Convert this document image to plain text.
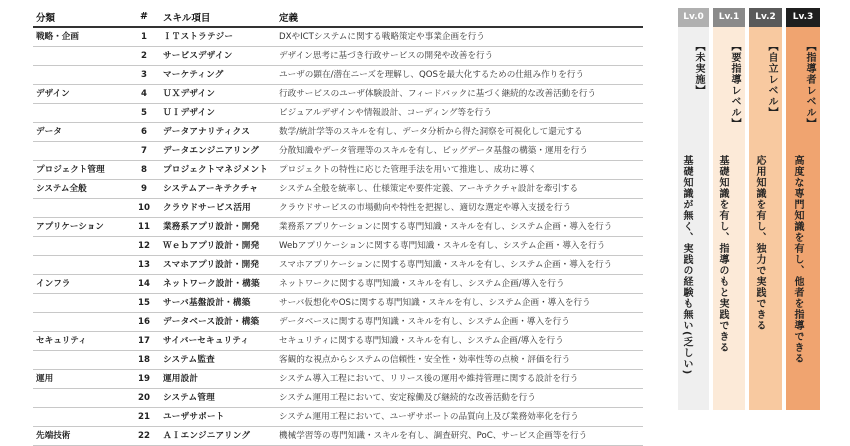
分類	#	スキル項目	定義
戦略・企画	1	ＩＴストラテジー	DXやICTシステムに関する戦略策定や事業企画を行う
	2	サービスデザイン	デザイン思考に基づき行政サービスの開発や改善を行う
	3	マーケティング	ユーザの顕在/潜在ニーズを理解し、QOSを最大化するための仕組み作りを行う
デザイン	4	ＵＸデザイン	行政サービスのユーザ体験設計、フィードバックに基づく継続的な改善活動を行う
	5	ＵＩデザイン	ビジュアルデザインや情報設計、コーディング等を行う
データ	6	データアナリティクス	数学/統計学等のスキルを有し、データ分析から得た洞察を可視化して還元する
	7	データエンジニアリング	分散知識やデータ管理等のスキルを有し、ビッグデータ基盤の構築・運用を行う
プロジェクト管理	8	プロジェクトマネジメント	プロジェクトの特性に応じた管理手法を用いて推進し、成功に導く
システム全般	9	システムアーキテクチャ	システム全般を統率し、仕様策定や要件定義、アーキテクチャ設計を牽引する
	10	クラウドサービス活用	クラウドサービスの市場動向や特性を把握し、適切な選定や導入支援を行う
アプリケーション	11	業務系アプリ設計・開発	業務系アプリケーションに関する専門知識・スキルを有し、システム企画・導入を行う
	12	Ｗｅｂアプリ設計・開発	Webアプリケーションに関する専門知識・スキルを有し、システム企画・導入を行う
	13	スマホアプリ設計・開発	スマホアプリケーションに関する専門知識・スキルを有し、システム企画・導入を行う
インフラ	14	ネットワーク設計・構築	ネットワークに関する専門知識・スキルを有し、システム企画/導入を行う
	15	サーバ基盤設計・構築	サーバ仮想化やOSに関する専門知識・スキルを有し、システム企画・導入を行う
	16	データベース設計・構築	データベースに関する専門知識・スキルを有し、システム企画・導入を行う
セキュリティ	17	サイバーセキュリティ	セキュリティに関する専門知識・スキルを有し、システム企画/導入を行う
	18	システム監査	客観的な視点からシステムの信頼性・安全性・効率性等の点検・評価を行う
運用	19	運用設計	システム導入工程において、リリース後の運用や維持管理に関する設計を行う
	20	システム管理	システム運用工程において、安定稼働及び継続的な改善活動を行う
	21	ユーザサポート	システム運用工程において、ユーザサポートの品質向上及び業務効率化を行う
先端技術	22	ＡＩエンジニアリング	機械学習等の専門知識・スキルを有し、調査研究、PoC、サービス企画等を行う
Lv.0
【未実施】
基礎知識が無く、実践の経験も無い(乏しい)
Lv.1
【要指導レベル】
基礎知識を有し、指導のもと実践できる
Lv.2
【自立レベル】
応用知識を有し、独力で実践できる
Lv.3
【指導者レベル】
高度な専門知識を有し、他者を指導できる
